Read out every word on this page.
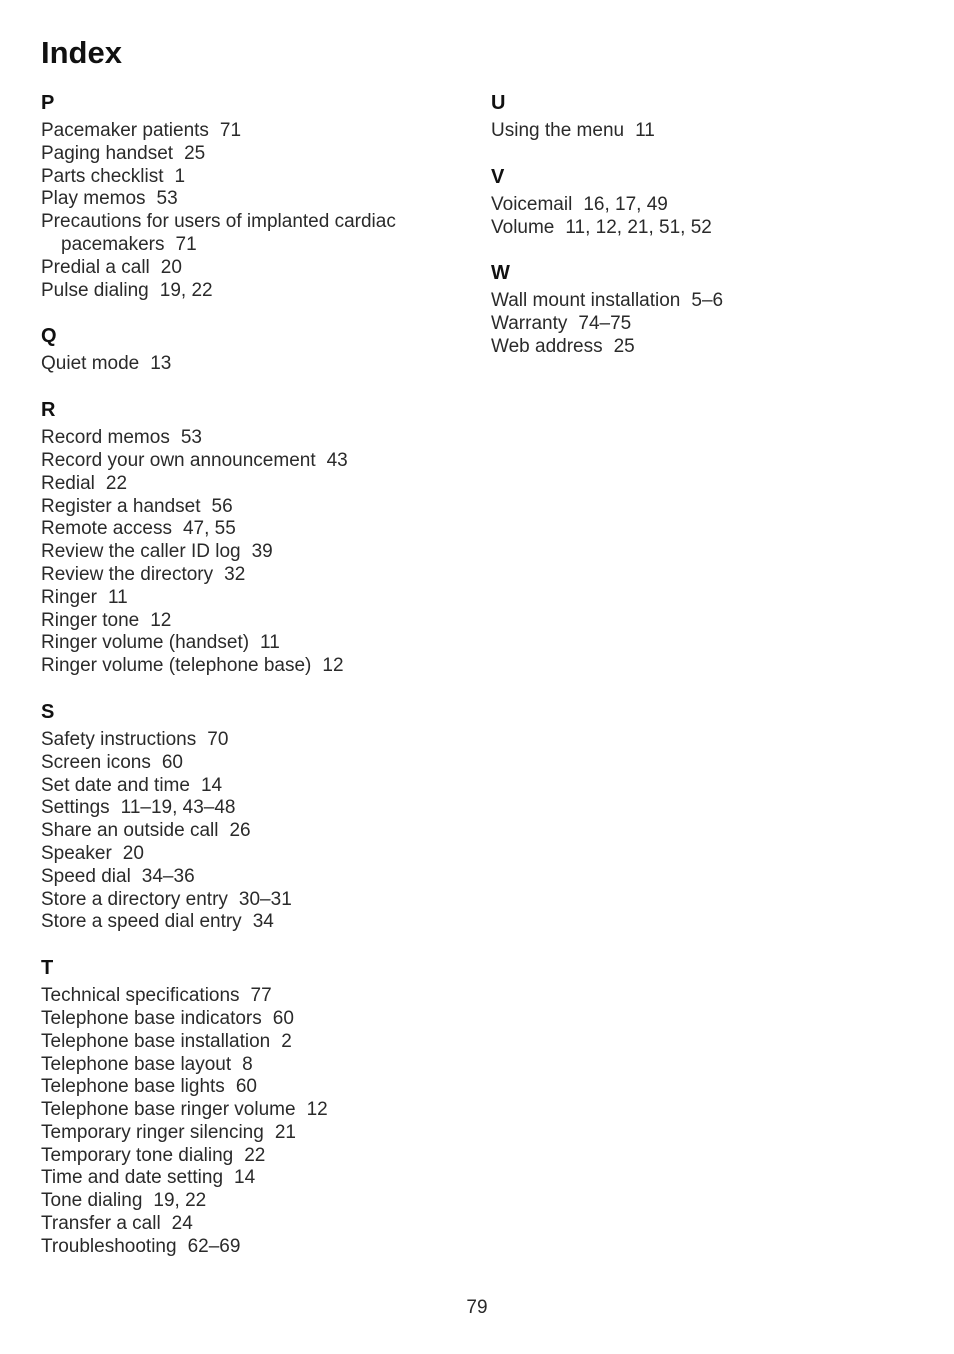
Index
P
Pacemaker patients 71
Paging handset 25
Parts checklist 1
Play memos 53
Precautions for users of implanted cardiac pacemakers 71
Predial a call 20
Pulse dialing 19, 22
Q
Quiet mode 13
R
Record memos 53
Record your own announcement 43
Redial 22
Register a handset 56
Remote access 47, 55
Review the caller ID log 39
Review the directory 32
Ringer 11
Ringer tone 12
Ringer volume (handset) 11
Ringer volume (telephone base) 12
S
Safety instructions 70
Screen icons 60
Set date and time 14
Settings 11–19, 43–48
Share an outside call 26
Speaker 20
Speed dial 34–36
Store a directory entry 30–31
Store a speed dial entry 34
T
Technical specifications 77
Telephone base indicators 60
Telephone base installation 2
Telephone base layout 8
Telephone base lights 60
Telephone base ringer volume 12
Temporary ringer silencing 21
Temporary tone dialing 22
Time and date setting 14
Tone dialing 19, 22
Transfer a call 24
Troubleshooting 62–69
U
Using the menu 11
V
Voicemail 16, 17, 49
Volume 11, 12, 21, 51, 52
W
Wall mount installation 5–6
Warranty 74–75
Web address 25
79
